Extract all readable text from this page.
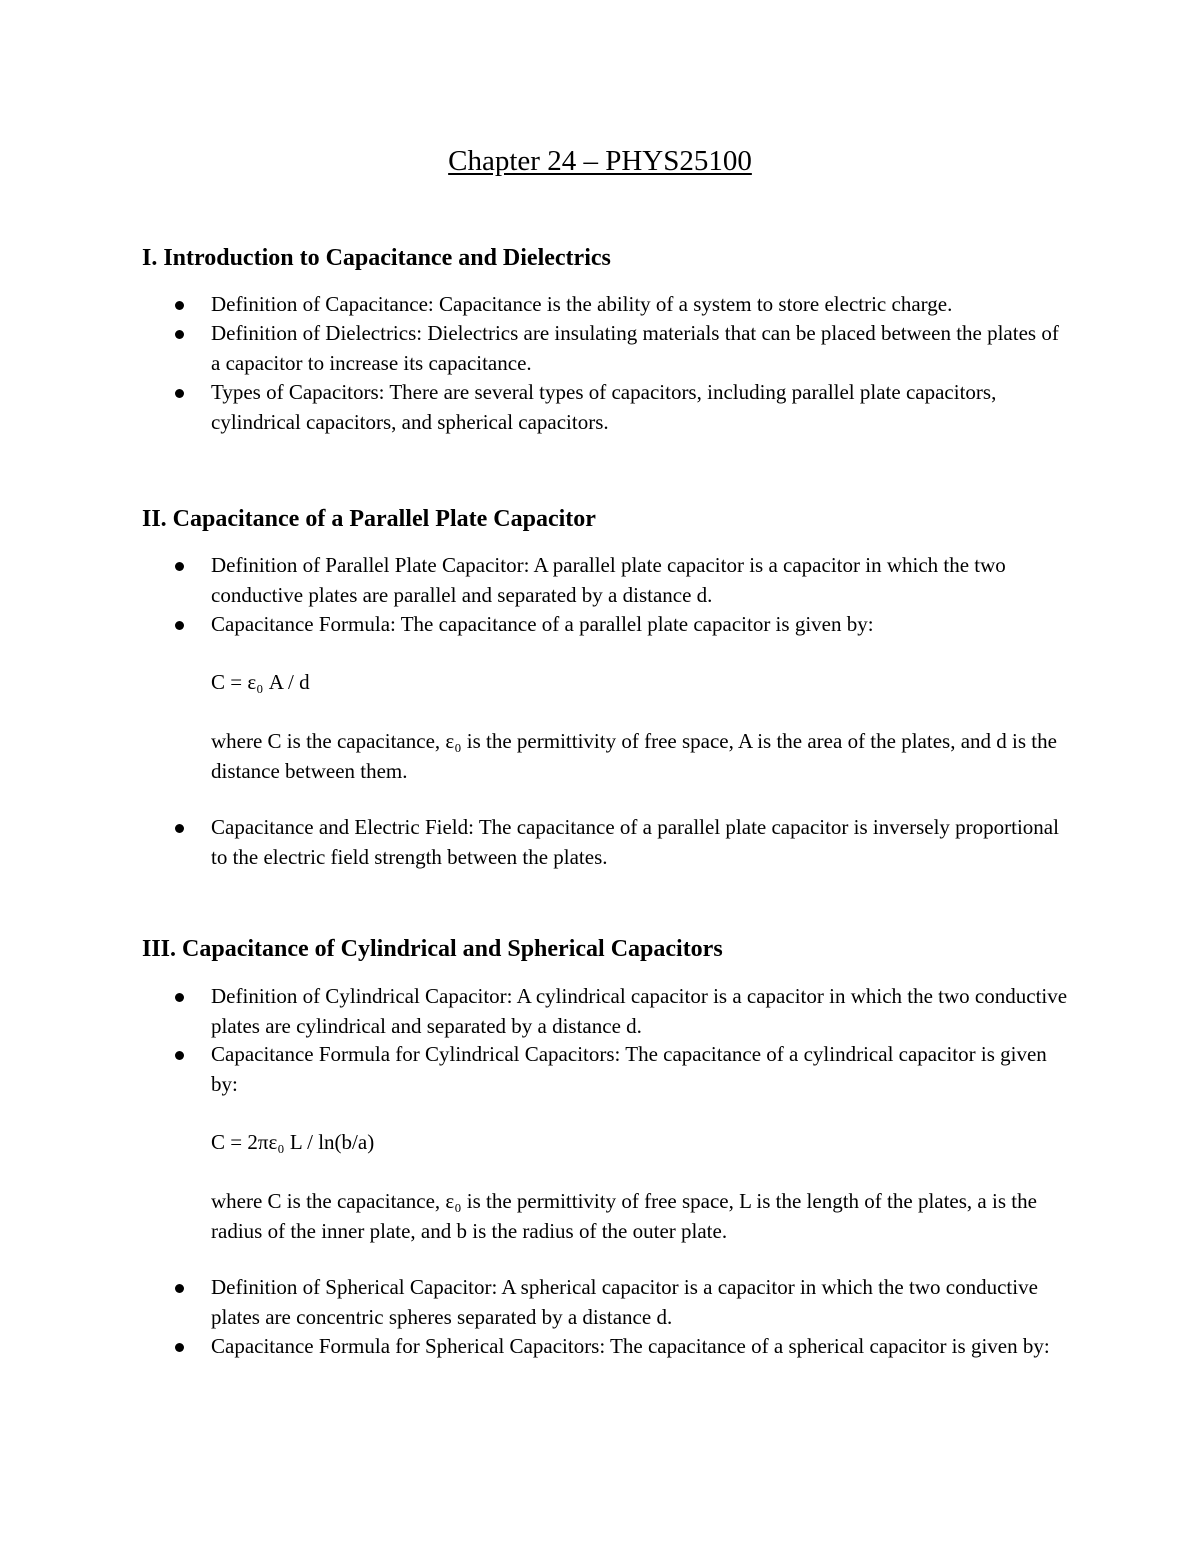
Chapter 24 – PHYS25100
I. Introduction to Capacitance and Dielectrics

Definition of Capacitance: Capacitance is the ability of a system to store electric charge.

Definition of Dielectrics: Dielectrics are insulating materials that can be placed between the plates of a capacitor to increase its capacitance.

Types of Capacitors: There are several types of capacitors, including parallel plate capacitors, cylindrical capacitors, and spherical capacitors.

II. Capacitance of a Parallel Plate Capacitor

Definition of Parallel Plate Capacitor: A parallel plate capacitor is a capacitor in which the two conductive plates are parallel and separated by a distance d.

Capacitance Formula: The capacitance of a parallel plate capacitor is given by:

C = ε₀ A / d

where C is the capacitance, ε₀ is the permittivity of free space, A is the area of the plates, and d is the distance between them.

Capacitance and Electric Field: The capacitance of a parallel plate capacitor is inversely proportional to the electric field strength between the plates.

III. Capacitance of Cylindrical and Spherical Capacitors

Definition of Cylindrical Capacitor: A cylindrical capacitor is a capacitor in which the two conductive plates are cylindrical and separated by a distance d.

Capacitance Formula for Cylindrical Capacitors: The capacitance of a cylindrical capacitor is given by:

C = 2πε₀ L / ln(b/a)

where C is the capacitance, ε₀ is the permittivity of free space, L is the length of the plates, a is the radius of the inner plate, and b is the radius of the outer plate.

Definition of Spherical Capacitor: A spherical capacitor is a capacitor in which the two conductive plates are concentric spheres separated by a distance d.

Capacitance Formula for Spherical Capacitors: The capacitance of a spherical capacitor is given by:
